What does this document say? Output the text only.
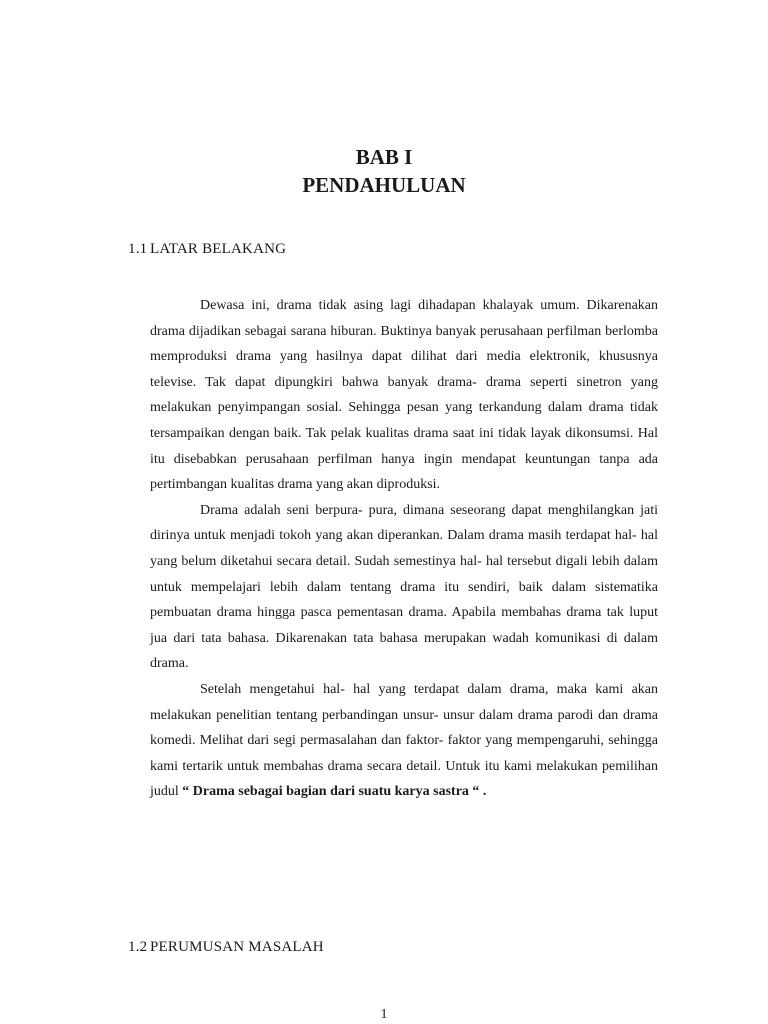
BAB I
PENDAHULUAN
1.1 LATAR BELAKANG

Dewasa ini, drama tidak asing lagi dihadapan khalayak umum. Dikarenakan drama dijadikan sebagai sarana hiburan. Buktinya banyak perusahaan perfilman berlomba memproduksi drama yang hasilnya dapat dilihat dari media elektronik, khususnya televise. Tak dapat dipungkiri bahwa banyak drama- drama seperti sinetron yang melakukan penyimpangan sosial. Sehingga pesan yang terkandung dalam drama tidak tersampaikan dengan baik. Tak pelak kualitas drama saat ini tidak layak dikonsumsi. Hal itu disebabkan perusahaan perfilman hanya ingin mendapat keuntungan tanpa ada pertimbangan kualitas drama yang akan diproduksi.

Drama adalah seni berpura- pura, dimana seseorang dapat menghilangkan jati dirinya untuk menjadi tokoh yang akan diperankan. Dalam drama masih terdapat hal- hal yang belum diketahui secara detail. Sudah semestinya hal- hal tersebut digali lebih dalam untuk mempelajari lebih dalam tentang drama itu sendiri, baik dalam sistematika pembuatan drama hingga pasca pementasan drama. Apabila membahas drama tak luput jua dari tata bahasa. Dikarenakan tata bahasa merupakan wadah komunikasi di dalam drama.

Setelah mengetahui hal- hal yang terdapat dalam drama, maka kami akan melakukan penelitian tentang perbandingan unsur- unsur dalam drama parodi dan drama komedi. Melihat dari segi permasalahan dan faktor- faktor yang mempengaruhi, sehingga kami tertarik untuk membahas drama secara detail. Untuk itu kami melakukan pemilihan judul “ Drama sebagai bagian dari suatu karya sastra “ .

1.2 PERUMUSAN MASALAH
1
